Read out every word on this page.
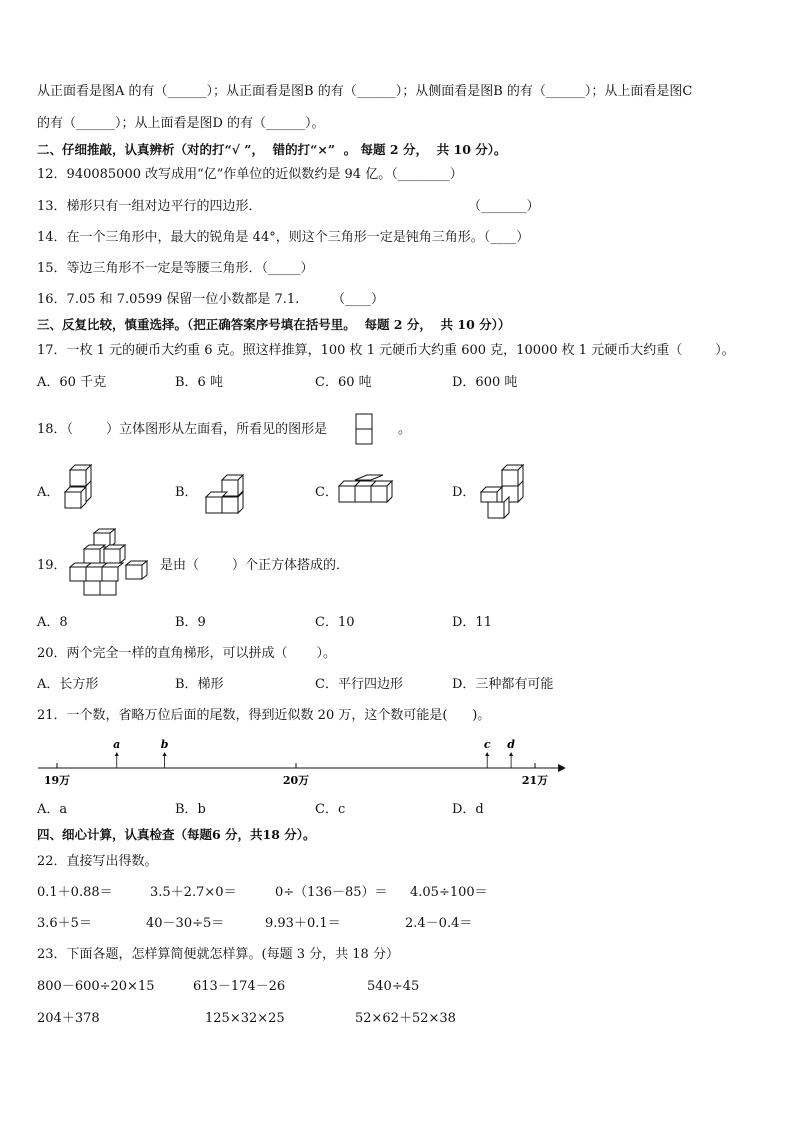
从正面看是图A 的有（______）；从正面看是图B 的有（______）；从侧面看是图B 的有（______）；从上面看是图C
的有（______）；从上面看是图D 的有（______）。
二、仔细推敲，认真辨析（对的打“√ ”，  错的打“×”  。 每题 2 分，  共 10 分）。
12．940085000 改写成用“亿”作单位的近似数约是 94 亿。（________）
13．梯形只有一组对边平行的四边形．	（_______）
14．在一个三角形中，最大的锐角是 44°，则这个三角形一定是钝角三角形。（____）
15．等边三角形不一定是等腰三角形．（_____）
16．7.05 和 7.0599 保留一位小数都是 7.1.	（____）
三、反复比较，慎重选择。（把正确答案序号填在括号里。  每题 2 分，  共 10 分））
17．一枚 1 元的硬币大约重 6 克。照这样推算，100 枚 1 元硬币大约重 600 克，10000 枚 1 元硬币大约重（        ）。
A．60 千克	B．6 吨	C．60 吨	D．600 吨
18．（        ）立体图形从左面看，所看见的图形是	。
A．	B．	C．	D．
19．	是由（        ）个正方体搭成的．
A．8	B．9	C．10	D．11
20．两个完全一样的直角梯形，可以拼成（       ）。
A．长方形	B．梯形	C．平行四边形	D．三种都有可能
21．一个数，省略万位后面的尾数，得到近似数 20 万，这个数可能是(      )。
19万	20万	21万
a	b	c d
A．a	B．b	C．c	D．d
四、细心计算，认真检查（每题6 分，共18 分）。
22．直接写出得数。
0.1＋0.88＝	3.5＋2.7×0＝	0÷（136－85）＝ 4.05÷100＝
3.6＋5＝	40－30÷5＝	9.93＋0.1＝	2.4－0.4＝
23．下面各题，怎样算简便就怎样算。(每题 3 分，共 18 分）
800－600÷20×15	613－174－26	540÷45
204＋378	125×32×25	52×62＋52×38
